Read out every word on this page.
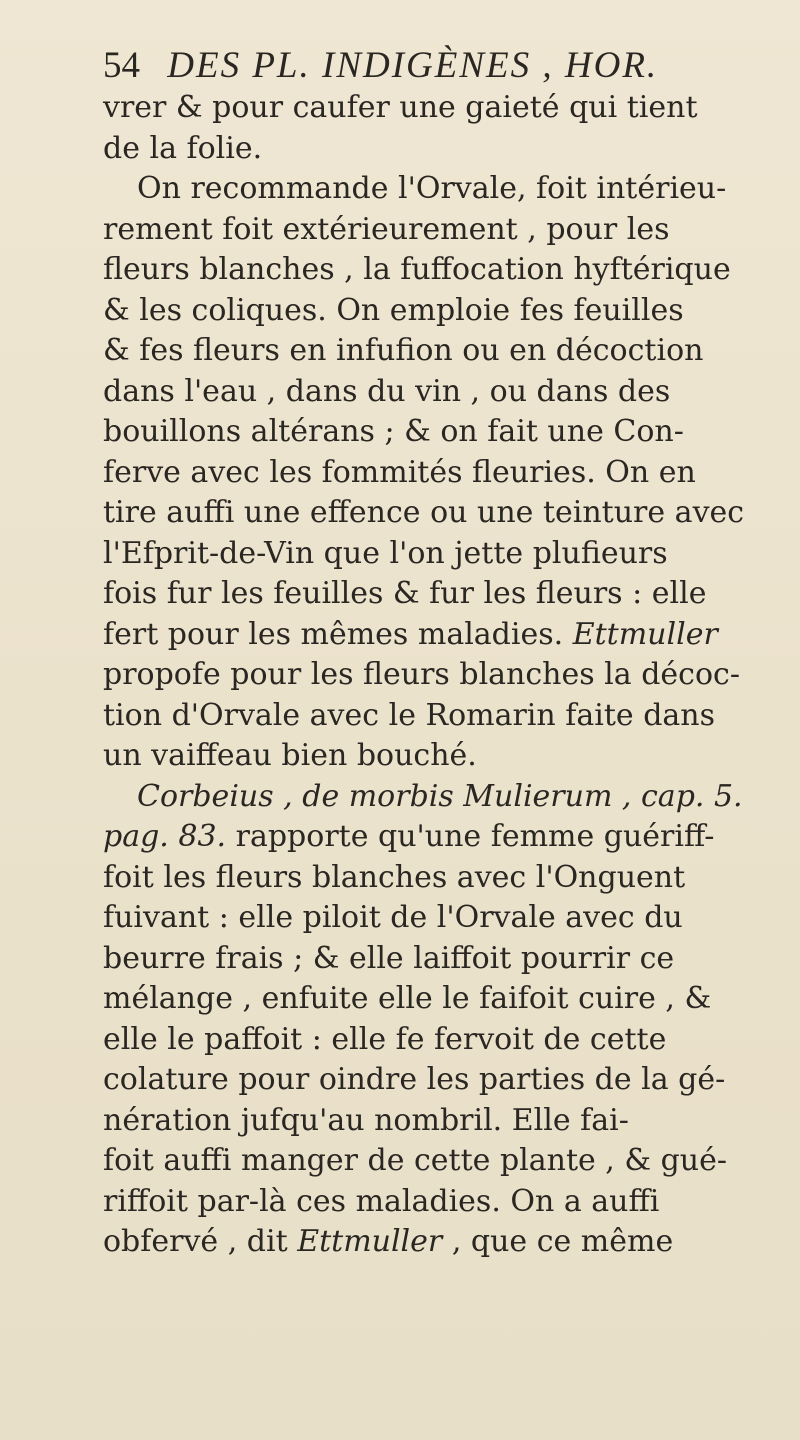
54 DES PL. INDIGÈNES , HOR.
vrer & pour caufer une gaieté qui tient
de la folie.
On recommande l'Orvale, foit intérieu-
rement foit extérieurement , pour les
fleurs blanches , la fuffocation hyftérique
& les coliques. On emploie fes feuilles
& fes fleurs en infufion ou en décoction
dans l'eau , dans du vin , ou dans des
bouillons altérans ; & on fait une Con-
ferve avec les fommités fleuries. On en
tire auffi une effence ou une teinture avec
l'Efprit-de-Vin que l'on jette plufieurs
fois fur les feuilles & fur les fleurs : elle
fert pour les mêmes maladies. Ettmuller
propofe pour les fleurs blanches la décoc-
tion d'Orvale avec le Romarin faite dans
un vaiffeau bien bouché.
Corbeius , de morbis Mulierum , cap. 5.
pag. 83. rapporte qu'une femme guériff-
foit les fleurs blanches avec l'Onguent
fuivant : elle piloit de l'Orvale avec du
beurre frais ; & elle laiffoit pourrir ce
mélange , enfuite elle le faifoit cuire , &
elle le paffoit : elle fe fervoit de cette
colature pour oindre les parties de la gé-
nération jufqu'au nombril. Elle fai-
foit auffi manger de cette plante , & gué-
riffoit par-là ces maladies. On a auffi
obfervé , dit Ettmuller , que ce même
